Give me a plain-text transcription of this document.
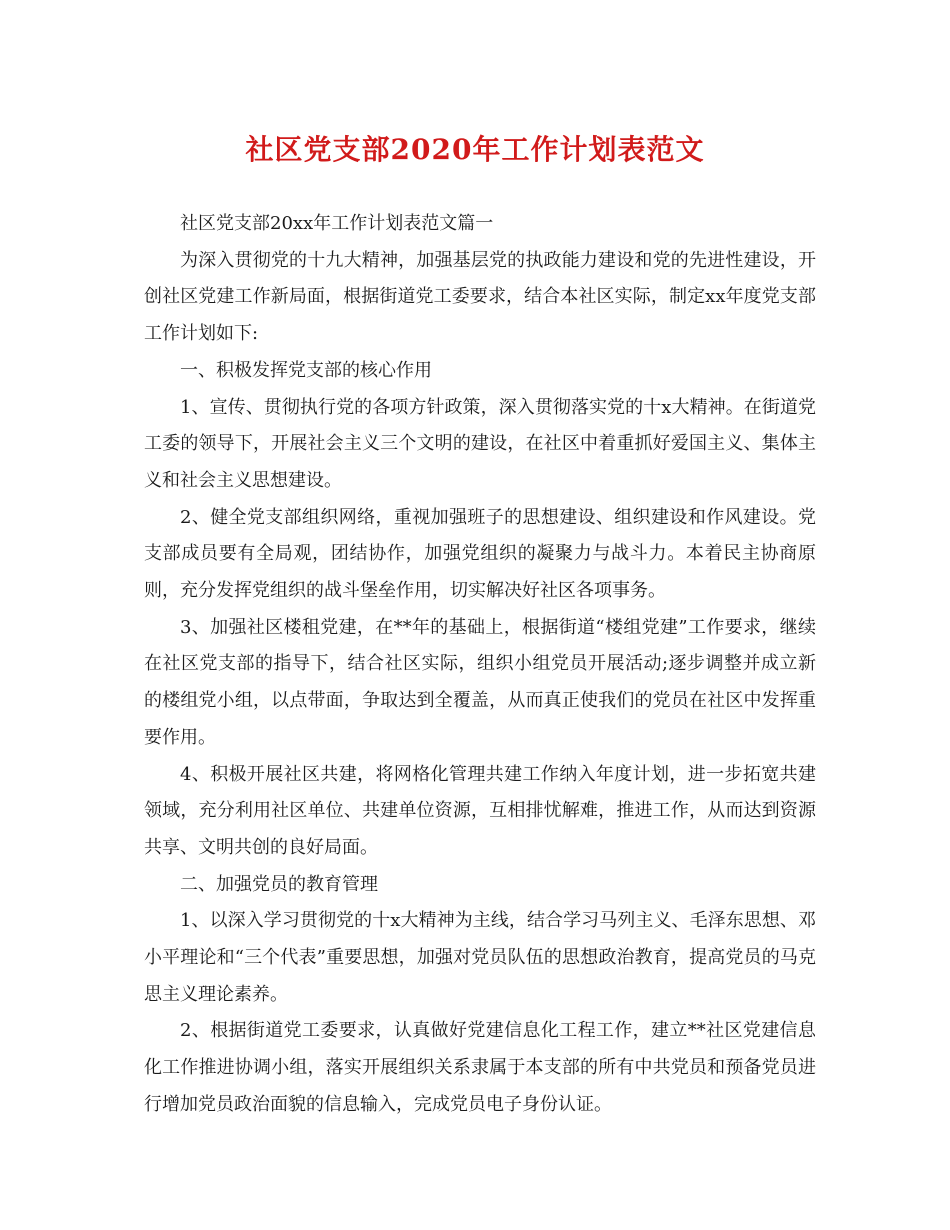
社区党支部2020年工作计划表范文

社区党支部20xx年工作计划表范文篇一

为深入贯彻党的十九大精神，加强基层党的执政能力建设和党的先进性建设，开创社区党建工作新局面，根据街道党工委要求，结合本社区实际，制定xx年度党支部工作计划如下:

一、积极发挥党支部的核心作用

1、宣传、贯彻执行党的各项方针政策，深入贯彻落实党的十x大精神。在街道党工委的领导下，开展社会主义三个文明的建设，在社区中着重抓好爱国主义、集体主义和社会主义思想建设。

2、健全党支部组织网络，重视加强班子的思想建设、组织建设和作风建设。党支部成员要有全局观，团结协作，加强党组织的凝聚力与战斗力。本着民主协商原则，充分发挥党组织的战斗堡垒作用，切实解决好社区各项事务。

3、加强社区楼租党建，在**年的基础上，根据街道“楼组党建”工作要求，继续在社区党支部的指导下，结合社区实际，组织小组党员开展活动;逐步调整并成立新的楼组党小组，以点带面，争取达到全覆盖，从而真正使我们的党员在社区中发挥重要作用。

4、积极开展社区共建，将网格化管理共建工作纳入年度计划，进一步拓宽共建领域，充分利用社区单位、共建单位资源，互相排忧解难，推进工作，从而达到资源共享、文明共创的良好局面。

二、加强党员的教育管理

1、以深入学习贯彻党的十x大精神为主线，结合学习马列主义、毛泽东思想、邓小平理论和“三个代表”重要思想，加强对党员队伍的思想政治教育，提高党员的马克思主义理论素养。

2、根据街道党工委要求，认真做好党建信息化工程工作，建立**社区党建信息化工作推进协调小组，落实开展组织关系隶属于本支部的所有中共党员和预备党员进行增加党员政治面貌的信息输入，完成党员电子身份认证。
